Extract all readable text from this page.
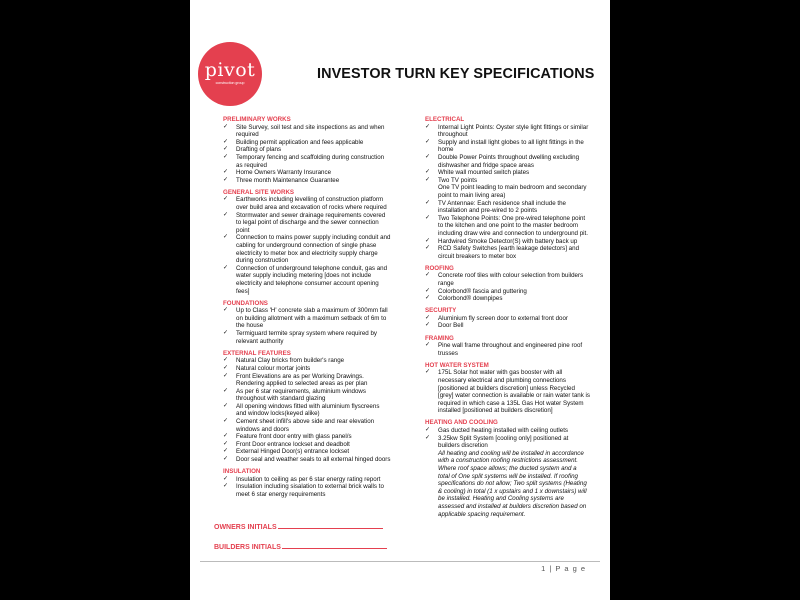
pivot
construction group
INVESTOR TURN KEY SPECIFICATIONS
PRELIMINARY WORKS
✓ Site Survey, soil test and site inspections as and when required
✓ Building permit application and fees applicable
✓ Drafting of plans
✓ Temporary fencing and scaffolding during construction as required
✓ Home Owners Warranty Insurance
✓ Three month Maintenance Guarantee
GENERAL SITE WORKS
✓ Earthworks including levelling of construction platform over build area and excavation of rocks where required
✓ Stormwater and sewer drainage requirements covered to legal point of discharge and the sewer connection point
✓ Connection to mains power supply including conduit and cabling for underground connection of single phase electricity to meter box and electricity supply charge during construction
✓ Connection of underground telephone conduit, gas and water supply including metering [does not include electricity and telephone consumer account opening fees]
FOUNDATIONS
✓ Up to Class 'H' concrete slab a maximum of 300mm fall on building allotment with a maximum setback of 6m to the house
✓ Termiguard termite spray system where required by relevant authority
EXTERNAL FEATURES
✓ Natural Clay bricks from builder's range
✓ Natural colour mortar joints
✓ Front Elevations are as per Working Drawings. Rendering applied to selected areas as per plan
✓ As per 6 star requirements, aluminium windows throughout with standard glazing
✓ All opening windows fitted with aluminium flyscreens and window locks(keyed alike)
✓ Cement sheet infill's above side and rear elevation windows and doors
✓ Feature front door entry with glass panel/s
✓ Front Door entrance lockset and deadbolt
✓ External Hinged Door(s) entrance lockset
✓ Door seal and weather seals to all external hinged doors
INSULATION
✓ Insulation to ceiling as per 6 star energy rating report
✓ Insulation including sisalation to external brick walls to meet 6 star energy requirements
ELECTRICAL
✓ Internal Light Points: Oyster style light fittings or similar throughout
✓ Supply and install light globes to all light fittings in the home
✓ Double Power Points throughout dwelling excluding dishwasher and fridge space areas
✓ White wall mounted switch plates
✓ Two TV points
One TV point leading to main bedroom and secondary point to main living area)
✓ TV Antennae: Each residence shall include the installation and pre-wired to 2 points
✓ Two Telephone Points: One pre-wired telephone point to the kitchen and one point to the master bedroom including draw wire and connection to underground pit.
✓ Hardwired Smoke Detector(S) with battery back up
✓ RCD Safety Switches [earth leakage detectors] and circuit breakers to meter box
ROOFING
✓ Concrete roof tiles with colour selection from builders range
✓ Colorbond® fascia and guttering
✓ Colorbond® downpipes
SECURITY
✓ Aluminium fly screen door to external front door
✓ Door Bell
FRAMING
✓ Pine wall frame throughout and engineered pine roof trusses
HOT WATER SYSTEM
✓ 175L Solar hot water with gas booster with all necessary electrical and plumbing connections [positioned at builders discretion] unless Recycled [grey] water connection is available or rain water tank is required in which case a 135L Gas Hot water System installed [positioned at builders discretion]
HEATING AND COOLING
✓ Gas ducted heating installed with ceiling outlets
✓ 3.25kw Split System [cooling only] positioned at builders discretion
All heating and cooling will be installed in accordance with a construction roofing restrictions assessment. Where roof space allows; the ducted system and a total of One split systems will be installed. If roofing specifications do not allow; Two split systems (Heating & cooling) in total (1 x upstairs and 1 x downstairs) will be installed. Heating and Cooling systems are assessed and installed at builders discretion based on applicable spacing requirement.
OWNERS INITIALS
BUILDERS INITIALS
1 | P a g e
